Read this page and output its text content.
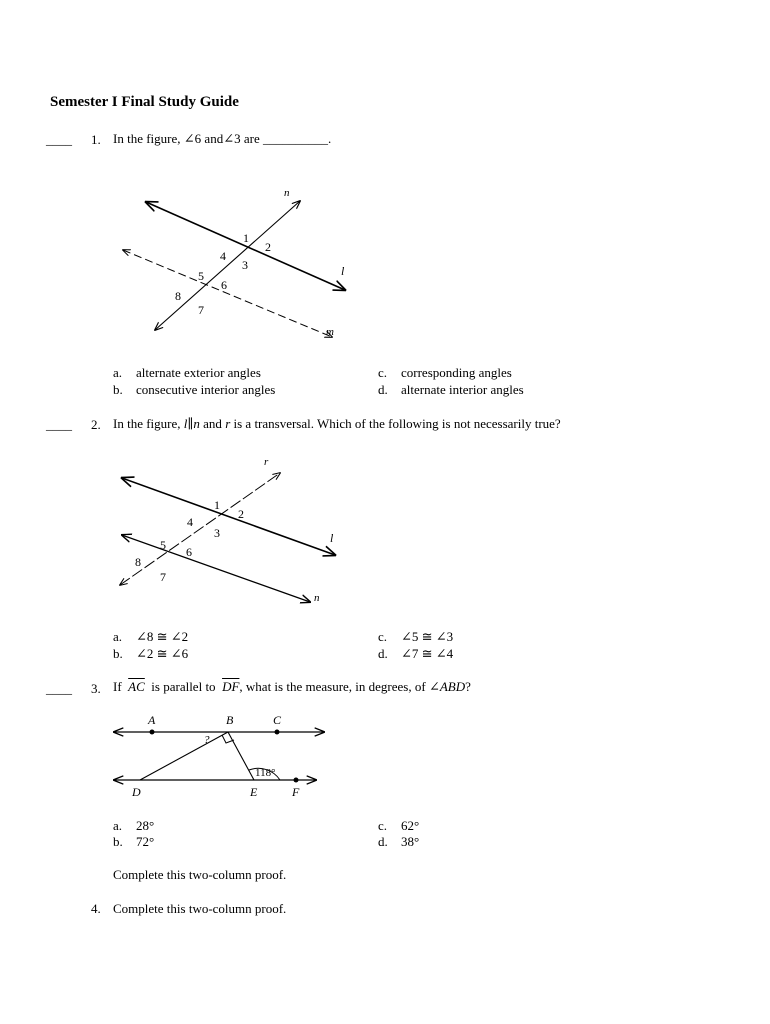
Semester I Final Study Guide
____ 1. In the figure, ∠6 and∠3 are __________.
n
l
m
1
2
3
4
5
6
7
8
a. alternate exterior angles
b. consecutive interior angles
c. corresponding angles
d. alternate interior angles
____ 2. In the figure, l∥n and r is a transversal. Which of the following is not necessarily true?
r
l
n
1
2
3
4
5 6
7
8
a. ∠8 ≅ ∠2
b. ∠2 ≅ ∠6
c. ∠5 ≅ ∠3
d. ∠7 ≅ ∠4
____ 3. If $\overline{AC}$ is parallel to $\overline{DF}$, what is the measure, in degrees, of ∠ABD?
A	B	C
D	E	F
?
118°
a. 28°
b. 72°
c. 62°
d. 38°
Complete this two-column proof.
4. Complete this two-column proof.
